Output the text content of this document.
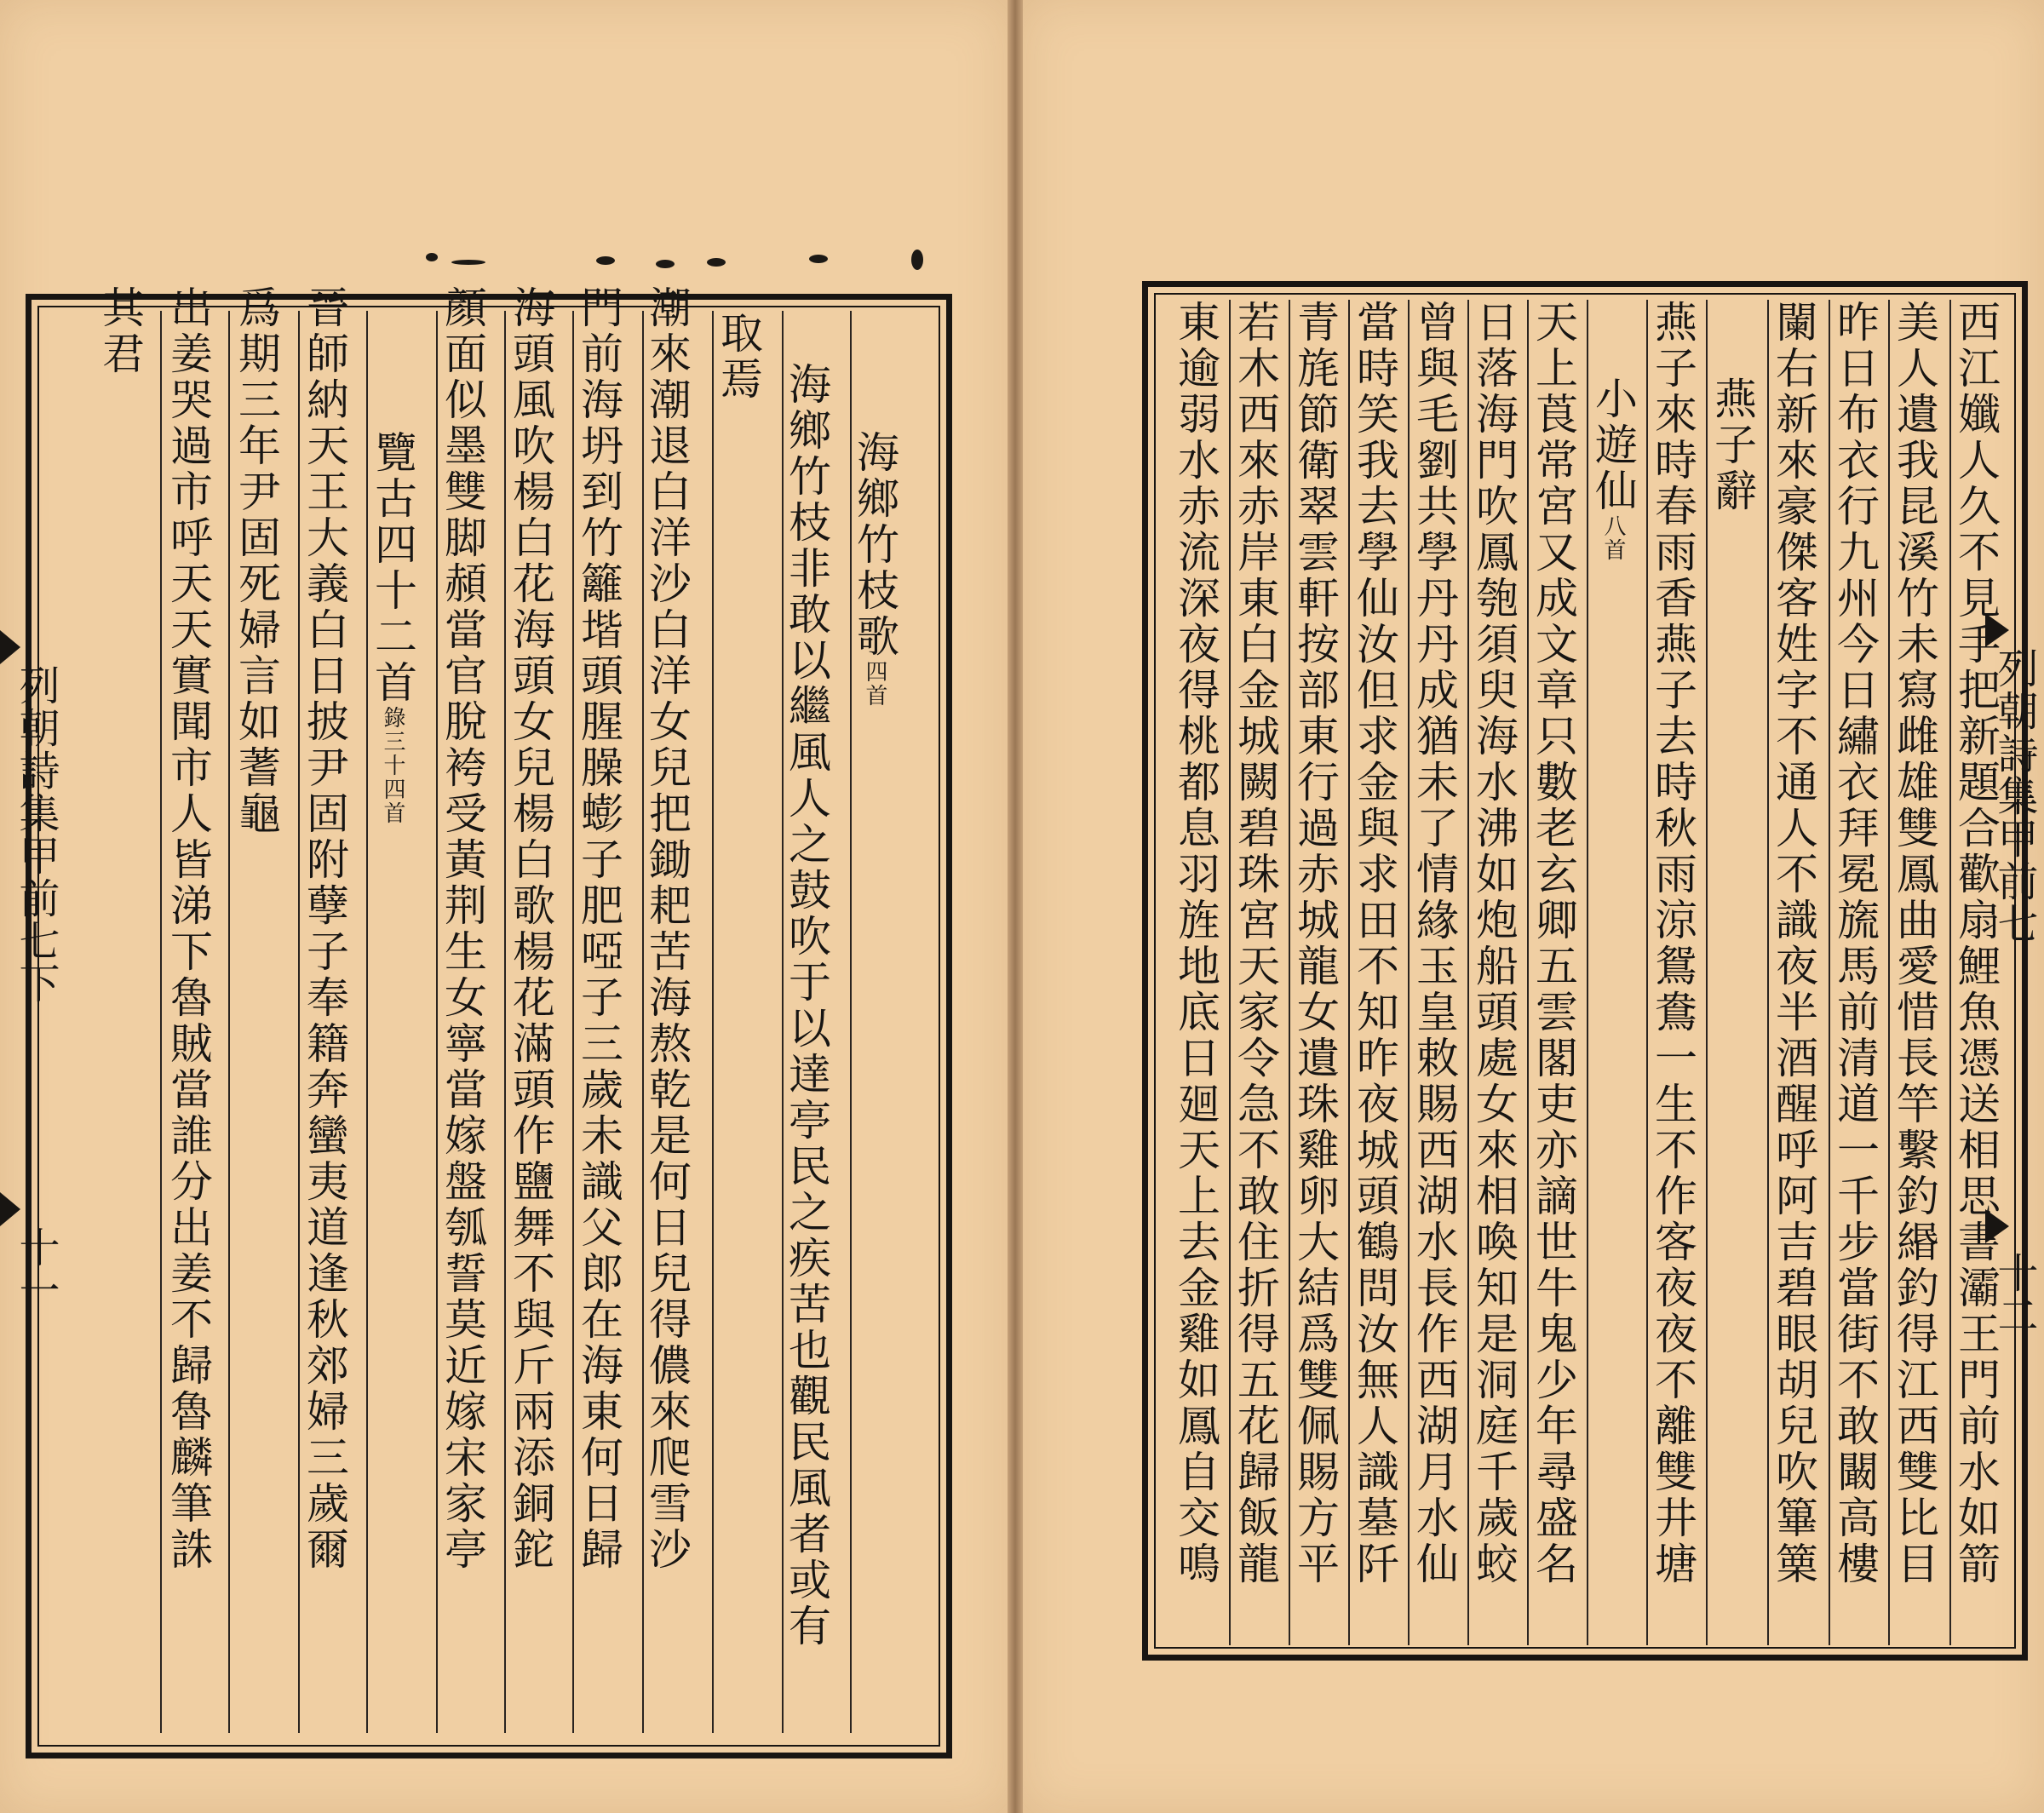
海鄉竹枝歌四首
海鄉竹枝非敢以繼風人之鼓吹于以達亭民之疾苦也觀民風者或有
取焉
潮來潮退白洋沙白洋女兒把鋤耙苦海熬乾是何日兒得儂來爬雪沙
門前海坍到竹籬堦頭腥臊蟛子肥啞子三歲未識父郎在海東何日歸
海頭風吹楊白花海頭女兒楊白歌楊花滿頭作鹽舞不與斤兩添銅鉈
顏面似墨雙脚頳當官脫袴受黃荆生女寧當嫁盤瓠誓莫近嫁宋家亭
覽古四十二首錄三十四首
晉師納天王大義白日披尹固附孽子奉籍奔蠻夷道逢秋郊婦三歲爾
爲期三年尹固死婦言如蓍龜
出姜哭過市呼天天實聞市人皆涕下魯賊當誰分出姜不歸魯麟筆誅
其君
列朝詩集甲前七下
十一	西江孅人久不見手把新題合歡扇鯉魚憑送相思書灞王門前水如箭
美人遺我昆溪竹未寫雌雄雙鳳曲愛惜長竿繫釣緡釣得江西雙比目
昨日布衣行九州今日繡衣拜冕旒馬前清道一千步當街不敢闞高樓
闌右新來豪傑客姓字不通人不識夜半酒醒呼阿吉碧眼胡兒吹篳篥
燕子辭
燕子來時春雨香燕子去時秋雨涼鴛鴦一生不作客夜夜不離雙井塘
小遊仙八首
天上莨常宮又成文章只數老玄卿五雲閣吏亦謫世牛鬼少年尋盛名
日落海門吹鳳匏須臾海水沸如炮船頭處女來相喚知是洞庭千歲蛟
曾與毛劉共學丹丹成猶未了情緣玉皇敕賜西湖水長作西湖月水仙
當時笑我去學仙汝但求金與求田不知昨夜城頭鶴問汝無人識墓阡
青旄節衛翠雲軒按部東行過赤城龍女遺珠雞卵大結爲雙佩賜方平
若木西來赤岸東白金城闕碧珠宮天家令急不敢住折得五花歸飯龍
東逾弱水赤流深夜得桃都息羽旌地底日廻天上去金雞如鳳自交鳴	列朝詩集甲前七
十二
